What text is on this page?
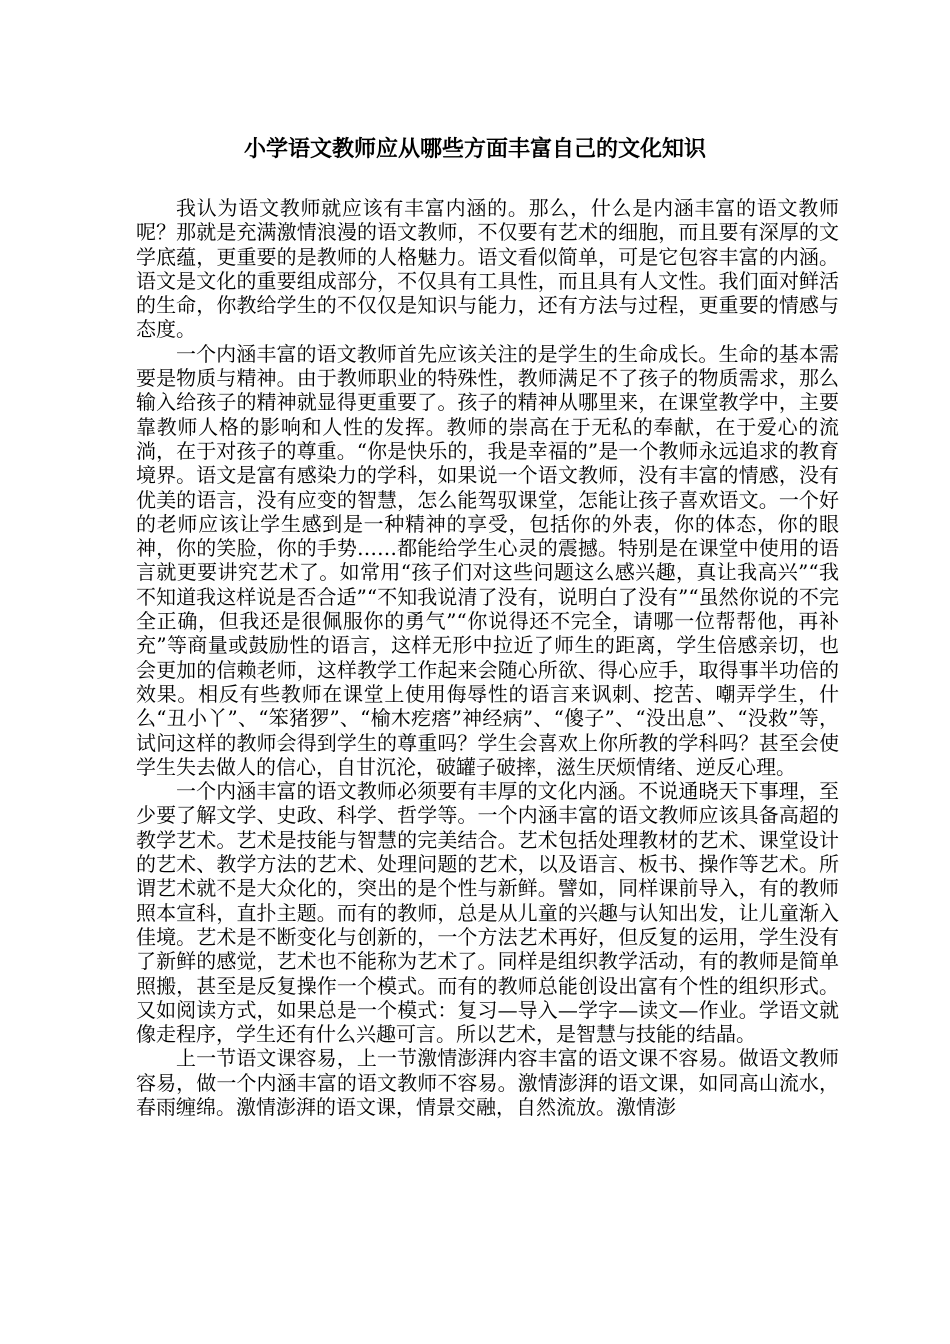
小学语文教师应从哪些方面丰富自己的文化知识

我认为语文教师就应该有丰富内涵的。那么，什么是内涵丰富的语文教师呢？那就是充满激情浪漫的语文教师，不仅要有艺术的细胞，而且要有深厚的文学底蕴，更重要的是教师的人格魅力。语文看似简单，可是它包容丰富的内涵。语文是文化的重要组成部分，不仅具有工具性，而且具有人文性。我们面对鲜活的生命，你教给学生的不仅仅是知识与能力，还有方法与过程，更重要的情感与态度。

一个内涵丰富的语文教师首先应该关注的是学生的生命成长。生命的基本需要是物质与精神。由于教师职业的特殊性，教师满足不了孩子的物质需求，那么输入给孩子的精神就显得更重要了。孩子的精神从哪里来，在课堂教学中，主要靠教师人格的影响和人性的发挥。教师的崇高在于无私的奉献，在于爱心的流淌，在于对孩子的尊重。“你是快乐的，我是幸福的”是一个教师永远追求的教育境界。语文是富有感染力的学科，如果说一个语文教师，没有丰富的情感，没有优美的语言，没有应变的智慧，怎么能驾驭课堂，怎能让孩子喜欢语文。一个好的老师应该让学生感到是一种精神的享受，包括你的外表，你的体态，你的眼神，你的笑脸，你的手势……都能给学生心灵的震撼。特别是在课堂中使用的语言就更要讲究艺术了。如常用“孩子们对这些问题这么感兴趣，真让我高兴”“我不知道我这样说是否合适”“不知我说清了没有，说明白了没有”“虽然你说的不完全正确，但我还是很佩服你的勇气”“你说得还不完全，请哪一位帮帮他，再补充”等商量或鼓励性的语言，这样无形中拉近了师生的距离，学生倍感亲切，也会更加的信赖老师，这样教学工作起来会随心所欲、得心应手，取得事半功倍的效果。相反有些教师在课堂上使用侮辱性的语言来讽刺、挖苦、嘲弄学生，什么“丑小丫”、“笨猪猡”、“榆木疙瘩”神经病”、“傻子”、“没出息”、“没救”等，试问这样的教师会得到学生的尊重吗？学生会喜欢上你所教的学科吗？甚至会使学生失去做人的信心，自甘沉沦，破罐子破摔，滋生厌烦情绪、逆反心理。

一个内涵丰富的语文教师必须要有丰厚的文化内涵。不说通晓天下事理，至少要了解文学、史政、科学、哲学等。一个内涵丰富的语文教师应该具备高超的教学艺术。艺术是技能与智慧的完美结合。艺术包括处理教材的艺术、课堂设计的艺术、教学方法的艺术、处理问题的艺术，以及语言、板书、操作等艺术。所谓艺术就不是大众化的，突出的是个性与新鲜。譬如，同样课前导入，有的教师照本宣科，直扑主题。而有的教师，总是从儿童的兴趣与认知出发，让儿童渐入佳境。艺术是不断变化与创新的，一个方法艺术再好，但反复的运用，学生没有了新鲜的感觉，艺术也不能称为艺术了。同样是组织教学活动，有的教师是简单照搬，甚至是反复操作一个模式。而有的教师总能创设出富有个性的组织形式。又如阅读方式，如果总是一个模式：复习—导入—学字—读文—作业。学语文就像走程序，学生还有什么兴趣可言。所以艺术，是智慧与技能的结晶。

上一节语文课容易，上一节激情澎湃内容丰富的语文课不容易。做语文教师容易，做一个内涵丰富的语文教师不容易。激情澎湃的语文课，如同高山流水，春雨缠绵。激情澎湃的语文课，情景交融，自然流放。激情澎
